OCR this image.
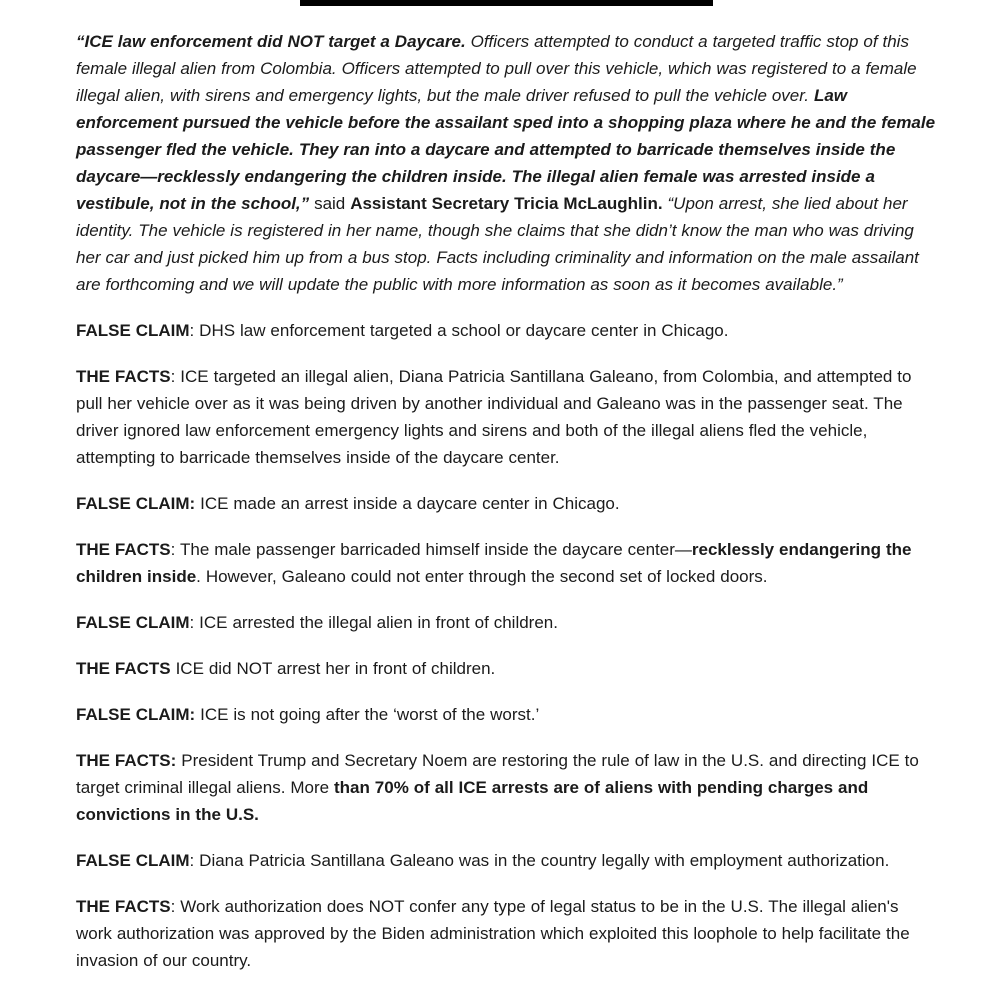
“ICE law enforcement did NOT target a Daycare. Officers attempted to conduct a targeted traffic stop of this female illegal alien from Colombia. Officers attempted to pull over this vehicle, which was registered to a female illegal alien, with sirens and emergency lights, but the male driver refused to pull the vehicle over. Law enforcement pursued the vehicle before the assailant sped into a shopping plaza where he and the female passenger fled the vehicle. They ran into a daycare and attempted to barricade themselves inside the daycare—recklessly endangering the children inside. The illegal alien female was arrested inside a vestibule, not in the school,” said Assistant Secretary Tricia McLaughlin. “Upon arrest, she lied about her identity. The vehicle is registered in her name, though she claims that she didn’t know the man who was driving her car and just picked him up from a bus stop. Facts including criminality and information on the male assailant are forthcoming and we will update the public with more information as soon as it becomes available.”

FALSE CLAIM: DHS law enforcement targeted a school or daycare center in Chicago.

THE FACTS: ICE targeted an illegal alien, Diana Patricia Santillana Galeano, from Colombia, and attempted to pull her vehicle over as it was being driven by another individual and Galeano was in the passenger seat. The driver ignored law enforcement emergency lights and sirens and both of the illegal aliens fled the vehicle, attempting to barricade themselves inside of the daycare center.

FALSE CLAIM: ICE made an arrest inside a daycare center in Chicago.

THE FACTS: The male passenger barricaded himself inside the daycare center—recklessly endangering the children inside. However, Galeano could not enter through the second set of locked doors.

FALSE CLAIM: ICE arrested the illegal alien in front of children.

THE FACTS ICE did NOT arrest her in front of children.

FALSE CLAIM: ICE is not going after the ‘worst of the worst.’

THE FACTS: President Trump and Secretary Noem are restoring the rule of law in the U.S. and directing ICE to target criminal illegal aliens. More than 70% of all ICE arrests are of aliens with pending charges and convictions in the U.S.

FALSE CLAIM: Diana Patricia Santillana Galeano was in the country legally with employment authorization.

THE FACTS: Work authorization does NOT confer any type of legal status to be in the U.S. The illegal alien's work authorization was approved by the Biden administration which exploited this loophole to help facilitate the invasion of our country.
